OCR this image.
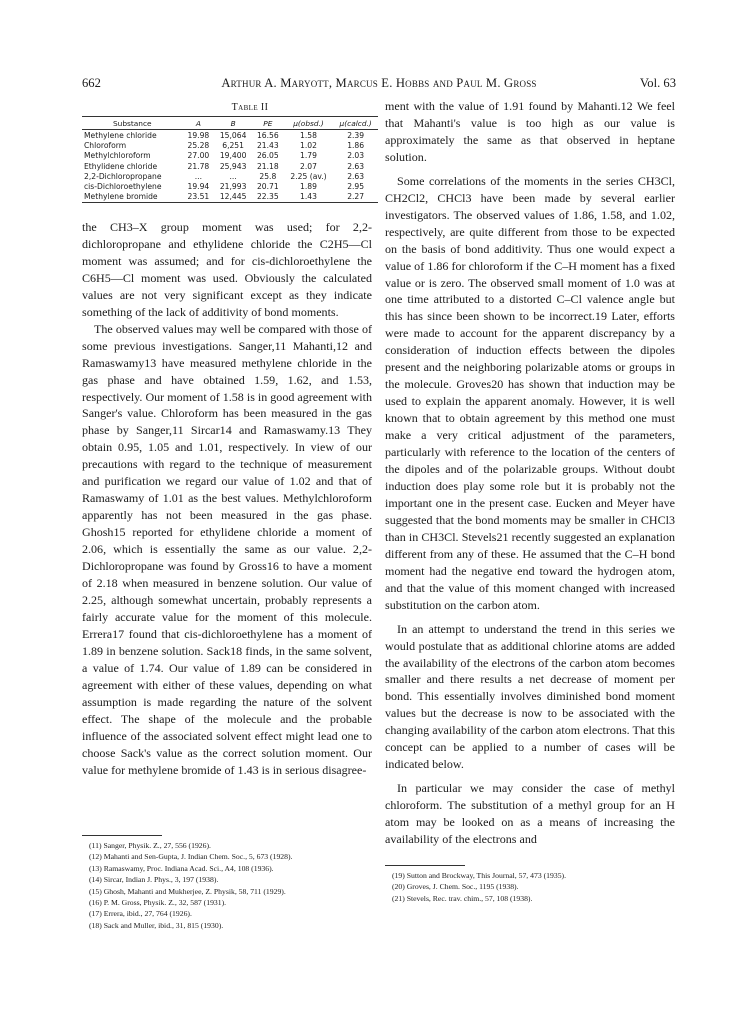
662	Arthur A. Maryott, Marcus E. Hobbs and Paul M. Gross	Vol. 63
Table II
Substance	A	B	PE	μ(obsd.)	μ(calcd.)
Methylene chloride	19.98	15,064	16.56	1.58	2.39
Chloroform	25.28	6,251	21.43	1.02	1.86
Methylchloroform	27.00	19,400	26.05	1.79	2.03
Ethylidene chloride	21.78	25,943	21.18	2.07	2.63
2,2-Dichloropropane	...	...	25.8	2.25 (av.)	2.63
cis-Dichloroethylene	19.94	21,993	20.71	1.89	2.95
Methylene bromide	23.51	12,445	22.35	1.43	2.27

the CH3–X group moment was used; for 2,2-dichloropropane and ethylidene chloride the C2H5—Cl moment was assumed; and for cis-dichloroethylene the C6H5—Cl moment was used. Obviously the calculated values are not very significant except as they indicate something of the lack of additivity of bond moments.

The observed values may well be compared with those of some previous investigations. Sanger,11 Mahanti,12 and Ramaswamy13 have measured methylene chloride in the gas phase and have obtained 1.59, 1.62, and 1.53, respectively. Our moment of 1.58 is in good agreement with Sanger's value. Chloroform has been measured in the gas phase by Sanger,11 Sircar14 and Ramaswamy.13 They obtain 0.95, 1.05 and 1.01, respectively. In view of our precautions with regard to the technique of measurement and purification we regard our value of 1.02 and that of Ramaswamy of 1.01 as the best values. Methylchloroform apparently has not been measured in the gas phase. Ghosh15 reported for ethylidene chloride a moment of 2.06, which is essentially the same as our value. 2,2-Dichloropropane was found by Gross16 to have a moment of 2.18 when measured in benzene solution. Our value of 2.25, although somewhat uncertain, probably represents a fairly accurate value for the moment of this molecule. Errera17 found that cis-dichloroethylene has a moment of 1.89 in benzene solution. Sack18 finds, in the same solvent, a value of 1.74. Our value of 1.89 can be considered in agreement with either of these values, depending on what assumption is made regarding the nature of the solvent effect. The shape of the molecule and the probable influence of the associated solvent effect might lead one to choose Sack's value as the correct solution moment. Our value for methylene bromide of 1.43 is in serious disagree-

ment with the value of 1.91 found by Mahanti.12 We feel that Mahanti's value is too high as our value is approximately the same as that observed in heptane solution.

Some correlations of the moments in the series CH3Cl, CH2Cl2, CHCl3 have been made by several earlier investigators. The observed values of 1.86, 1.58, and 1.02, respectively, are quite different from those to be expected on the basis of bond additivity. Thus one would expect a value of 1.86 for chloroform if the C–H moment has a fixed value or is zero. The observed small moment of 1.0 was at one time attributed to a distorted C–Cl valence angle but this has since been shown to be incorrect.19 Later, efforts were made to account for the apparent discrepancy by a consideration of induction effects between the dipoles present and the neighboring polarizable atoms or groups in the molecule. Groves20 has shown that induction may be used to explain the apparent anomaly. However, it is well known that to obtain agreement by this method one must make a very critical adjustment of the parameters, particularly with reference to the location of the centers of the dipoles and of the polarizable groups. Without doubt induction does play some role but it is probably not the important one in the present case. Eucken and Meyer have suggested that the bond moments may be smaller in CHCl3 than in CH3Cl. Stevels21 recently suggested an explanation different from any of these. He assumed that the C–H bond moment had the negative end toward the hydrogen atom, and that the value of this moment changed with increased substitution on the carbon atom.

In an attempt to understand the trend in this series we would postulate that as additional chlorine atoms are added the availability of the electrons of the carbon atom becomes smaller and there results a net decrease of moment per bond. This essentially involves diminished bond moment values but the decrease is now to be associated with the changing availability of the carbon atom electrons. That this concept can be applied to a number of cases will be indicated below.

In particular we may consider the case of methyl chloroform. The substitution of a methyl group for an H atom may be looked on as a means of increasing the availability of the electrons and

(11) Sanger, Physik. Z., 27, 556 (1926).
(12) Mahanti and Sen-Gupta, J. Indian Chem. Soc., 5, 673 (1928).
(13) Ramaswamy, Proc. Indiana Acad. Sci., A4, 108 (1936).
(14) Sircar, Indian J. Phys., 3, 197 (1938).
(15) Ghosh, Mahanti and Mukherjee, Z. Physik, 58, 711 (1929).
(16) P. M. Gross, Physik. Z., 32, 587 (1931).
(17) Errera, ibid., 27, 764 (1926).
(18) Sack and Muller, ibid., 31, 815 (1930).
(19) Sutton and Brockway, This Journal, 57, 473 (1935).
(20) Groves, J. Chem. Soc., 1195 (1938).
(21) Stevels, Rec. trav. chim., 57, 108 (1938).
